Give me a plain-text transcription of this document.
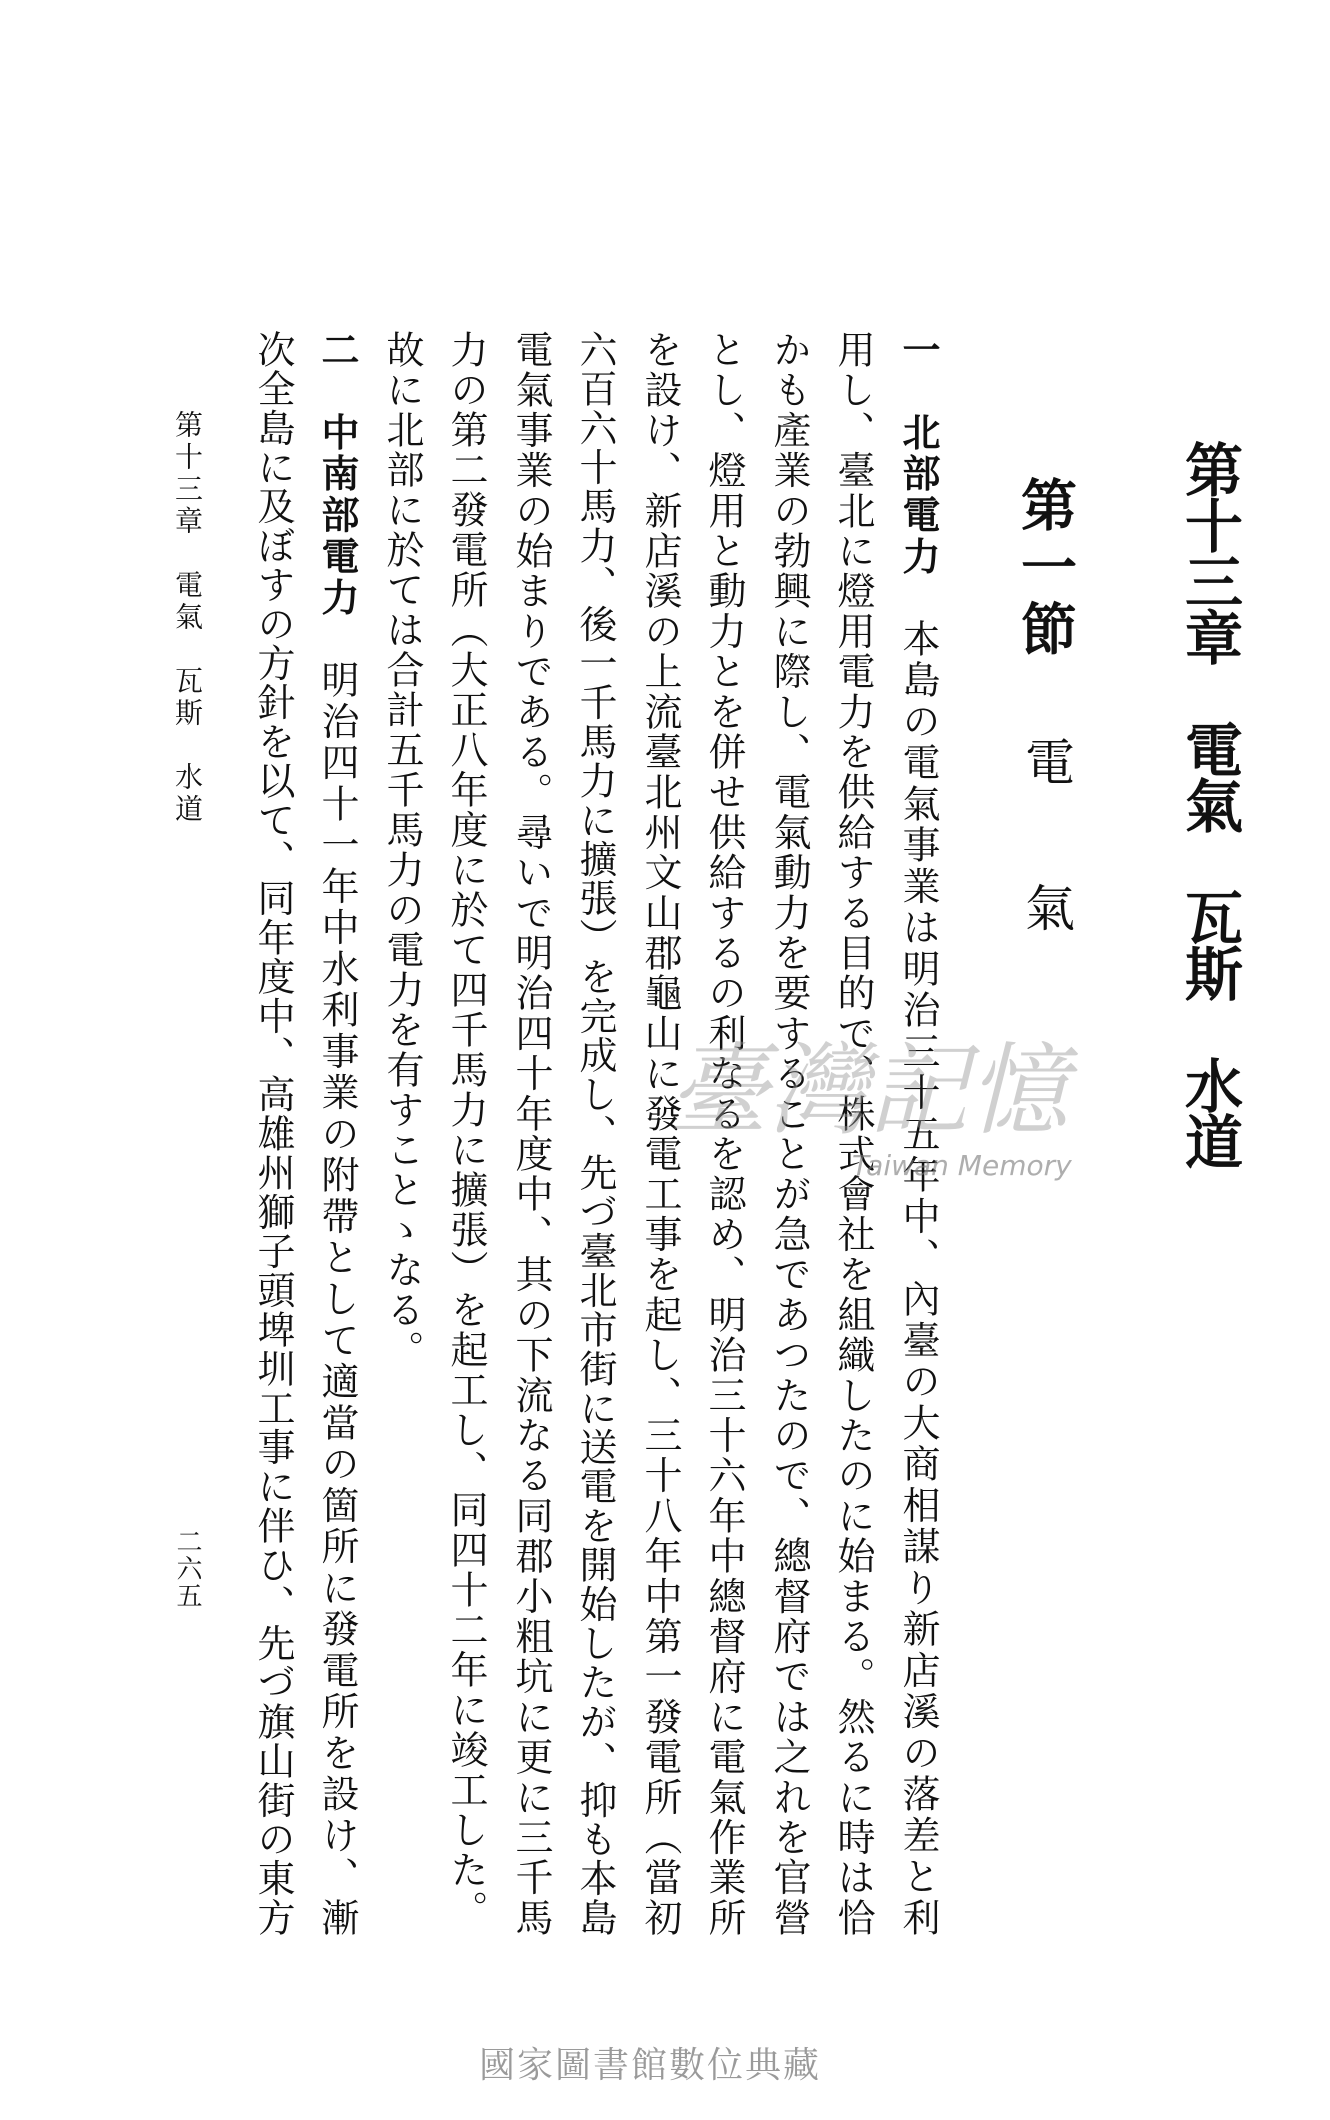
第十三章　電氣　瓦斯　水道
第一節
電　氣
一　北部電力　本島の電氣事業は明治三十五年中、內臺の大商相謀り新店溪の落差と利
用し、臺北に燈用電力を供給する目的で、株式會社を組織したのに始まる。然るに時は恰
かも產業の勃興に際し、電氣動力を要することが急であつたので、總督府では之れを官營
とし、燈用と動力とを併せ供給するの利なるを認め、明治三十六年中總督府に電氣作業所
を設け、新店溪の上流臺北州文山郡龜山に發電工事を起し、三十八年中第一發電所（當初
六百六十馬力、後一千馬力に擴張）を完成し、先づ臺北市街に送電を開始したが、抑も本島
電氣事業の始まりである。尋いで明治四十年度中、其の下流なる同郡小粗坑に更に三千馬
力の第二發電所（大正八年度に於て四千馬力に擴張）を起工し、同四十二年に竣工した。
故に北部に於ては合計五千馬力の電力を有すことゝなる。
二　中南部電力　明治四十一年中水利事業の附帶として適當の箇所に發電所を設け、漸
次全島に及ぼすの方針を以て、同年度中、高雄州獅子頭埤圳工事に伴ひ、先づ旗山街の東方
第十三章　電氣　瓦斯　水道
二六五
臺灣記憶
Taiwan Memory
國家圖書館數位典藏
